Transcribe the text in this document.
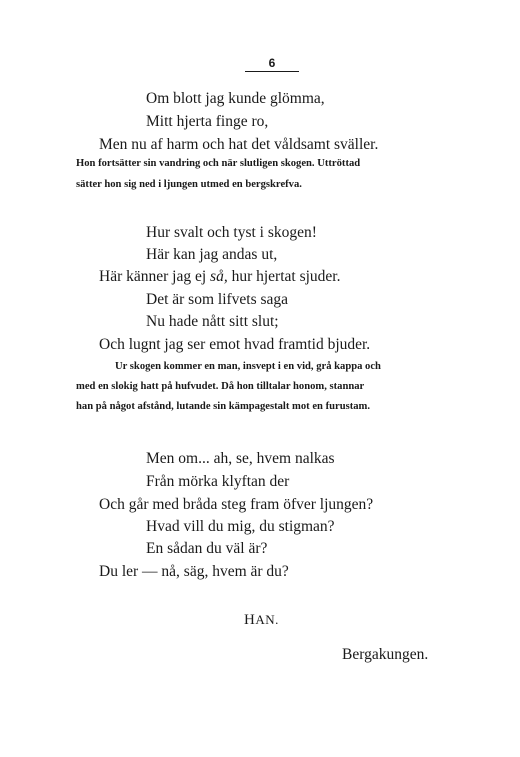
6
Om blott jag kunde glömma,
Mitt hjerta finge ro,
Men nu af harm och hat det våldsamt sväller.
Hon fortsätter sin vandring och när slutligen skogen. Uttröttad
sätter hon sig ned i ljungen utmed en bergskrefva.
Hur svalt och tyst i skogen!
Här kan jag andas ut,
Här känner jag ej så, hur hjertat sjuder.
Det är som lifvets saga
Nu hade nått sitt slut;
Och lugnt jag ser emot hvad framtid bjuder.
Ur skogen kommer en man, insvept i en vid, grå kappa och
med en slokig hatt på hufvudet. Då hon tilltalar honom, stannar
han på något afstånd, lutande sin kämpagestalt mot en furustam.
Men om... ah, se, hvem nalkas
Från mörka klyftan der
Och går med bråda steg fram öfver ljungen?
Hvad vill du mig, du stigman?
En sådan du väl är?
Du ler — nå, säg, hvem är du?
HAN.
Bergakungen.
